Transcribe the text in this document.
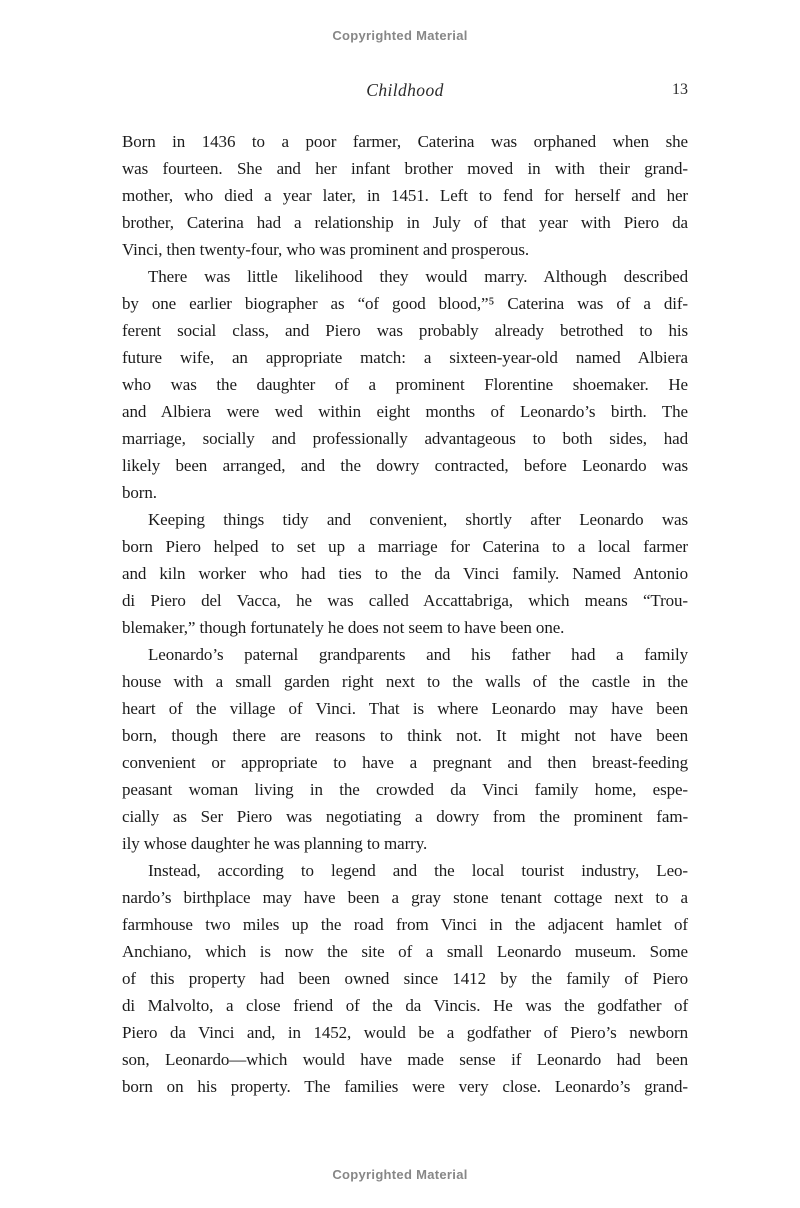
Copyrighted Material
Childhood	13
Born in 1436 to a poor farmer, Caterina was orphaned when she
was fourteen. She and her infant brother moved in with their grand-
mother, who died a year later, in 1451. Left to fend for herself and her
brother, Caterina had a relationship in July of that year with Piero da
Vinci, then twenty-four, who was prominent and prosperous.
There was little likelihood they would marry. Although described
by one earlier biographer as “of good blood,”⁵ Caterina was of a dif-
ferent social class, and Piero was probably already betrothed to his
future wife, an appropriate match: a sixteen-year-old named Albiera
who was the daughter of a prominent Florentine shoemaker. He
and Albiera were wed within eight months of Leonardo’s birth. The
marriage, socially and professionally advantageous to both sides, had
likely been arranged, and the dowry contracted, before Leonardo was
born.
Keeping things tidy and convenient, shortly after Leonardo was
born Piero helped to set up a marriage for Caterina to a local farmer
and kiln worker who had ties to the da Vinci family. Named Antonio
di Piero del Vacca, he was called Accattabriga, which means “Trou-
blemaker,” though fortunately he does not seem to have been one.
Leonardo’s paternal grandparents and his father had a family
house with a small garden right next to the walls of the castle in the
heart of the village of Vinci. That is where Leonardo may have been
born, though there are reasons to think not. It might not have been
convenient or appropriate to have a pregnant and then breast-feeding
peasant woman living in the crowded da Vinci family home, espe-
cially as Ser Piero was negotiating a dowry from the prominent fam-
ily whose daughter he was planning to marry.
Instead, according to legend and the local tourist industry, Leo-
nardo’s birthplace may have been a gray stone tenant cottage next to a
farmhouse two miles up the road from Vinci in the adjacent hamlet of
Anchiano, which is now the site of a small Leonardo museum. Some
of this property had been owned since 1412 by the family of Piero
di Malvolto, a close friend of the da Vincis. He was the godfather of
Piero da Vinci and, in 1452, would be a godfather of Piero’s newborn
son, Leonardo—which would have made sense if Leonardo had been
born on his property. The families were very close. Leonardo’s grand-
Copyrighted Material
